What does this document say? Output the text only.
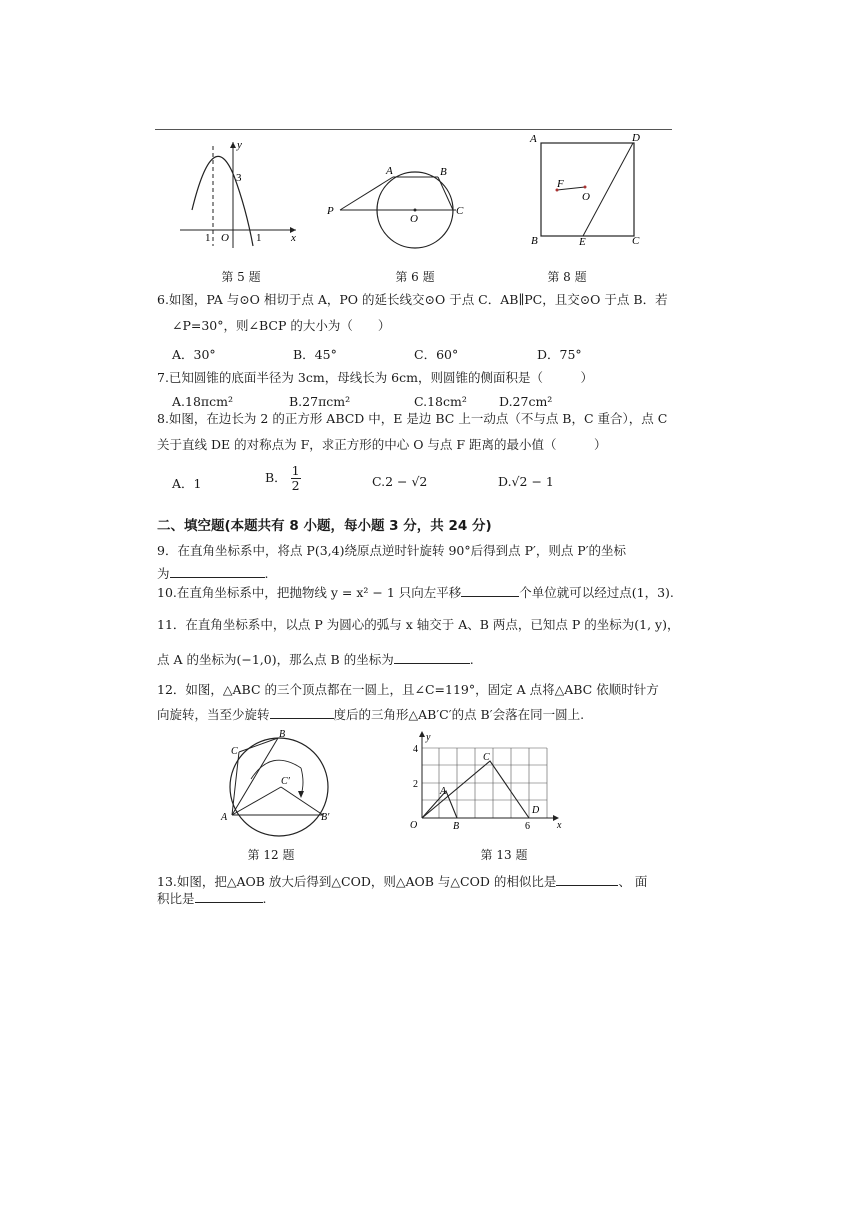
y
x
3
1 O 1
第 5 题
A	B
P
O
C
第 6 题
A	D
F
O
B	E	C
第 8 题
6.如图，PA 与⊙O 相切于点 A，PO 的延长线交⊙O 于点 C．AB∥PC，且交⊙O 于点 B．若
∠P=30°，则∠BCP 的大小为（　　）
A．30°	B．45°	C．60°	D．75°
7.已知圆锥的底面半径为 3cm，母线长为 6cm，则圆锥的侧面积是（　　　）
A.18πcm²	B.27πcm²	C.18cm²	D.27cm²
8.如图，在边长为 2 的正方形 ABCD 中，E 是边 BC 上一动点（不与点 B，C 重合），点 C
关于直线 DE 的对称点为 F，求正方形的中心 O 与点 F 距离的最小值（　　　）
A．1	B． $\frac{1}{2}$	C.2 − √2	D.√2 − 1
二、填空题(本题共有 8 小题，每小题 3 分，共 24 分)
9．在直角坐标系中，将点 P(3,4)绕原点逆时针旋转 90°后得到点 P′，则点 P′的坐标
为	.
10.在直角坐标系中，把抛物线 y = x² − 1 只向左平移	个单位就可以经过点(1，3).
11．在直角坐标系中，以点 P 为圆心的弧与 x 轴交于 A、B 两点，已知点 P 的坐标为(1, y)，
点 A 的坐标为(−1,0)，那么点 B 的坐标为	.
12．如图，△ABC 的三个顶点都在一圆上，且∠C=119°，固定 A 点将△ABC 依顺时针方
向旋转，当至少旋转	度后的三角形△AB′C′的点 B′会落在同一圆上.
B
C
C′
A	B′
第 12 题
y
4
2
C
A
D
O	B	6	x
第 13 题
13.如图，把△AOB 放大后得到△COD，则△AOB 与△COD 的相似比是	、 面
积比是	.
